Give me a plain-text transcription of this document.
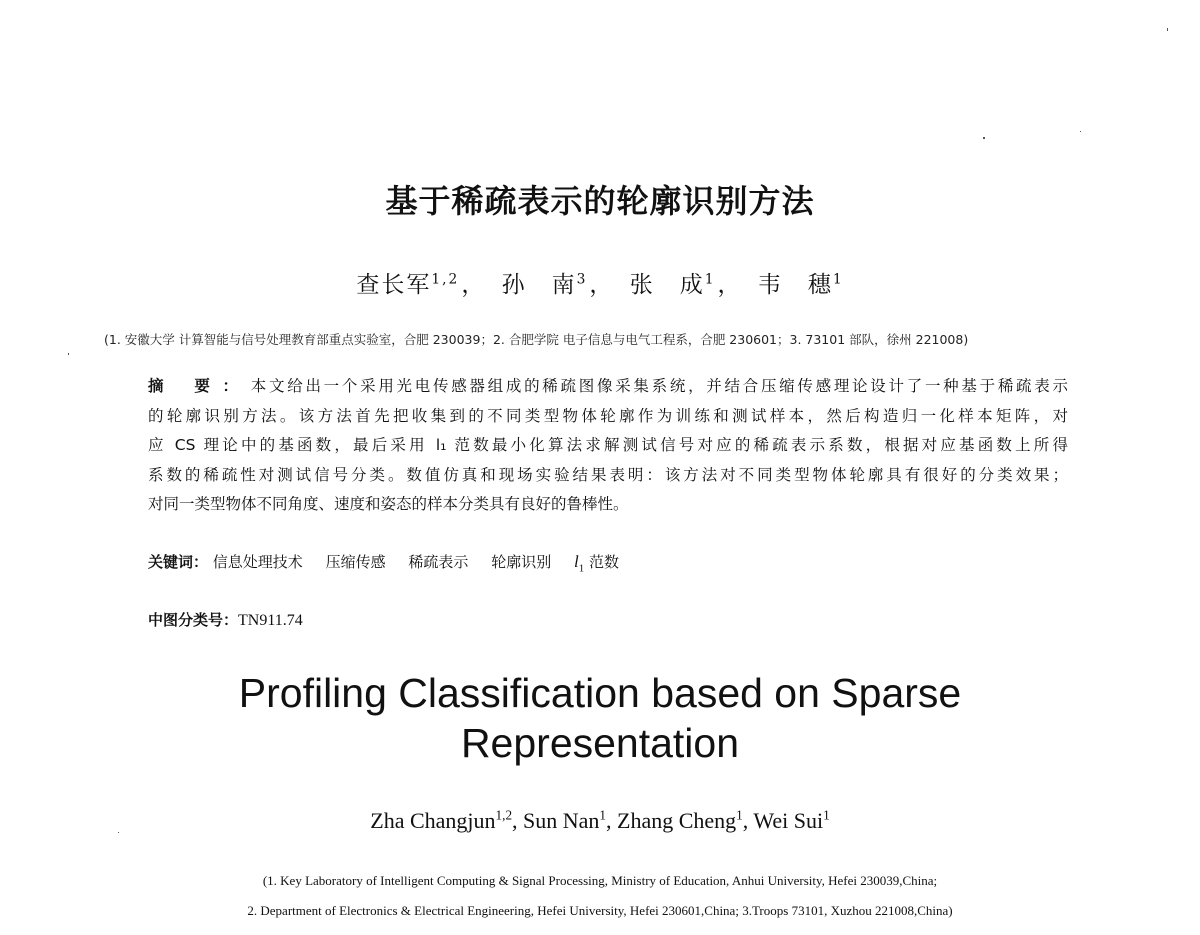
基于稀疏表示的轮廓识别方法
查长军$^{1,2}$， 孙　南$^3$， 张　成$^1$， 韦　穗$^1$
(1. 安徽大学 计算智能与信号处理教育部重点实验室，合肥 230039；2. 合肥学院 电子信息与电气工程系，合肥 230601；3. 73101 部队，徐州 221008)
摘 要：本文给出一个采用光电传感器组成的稀疏图像采集系统，并结合压缩传感理论设计了一种基于稀疏表示
的轮廓识别方法。该方法首先把收集到的不同类型物体轮廓作为训练和测试样本，然后构造归一化样本矩阵，对
应 CS 理论中的基函数，最后采用 l₁ 范数最小化算法求解测试信号对应的稀疏表示系数，根据对应基函数上所得
系数的稀疏性对测试信号分类。数值仿真和现场实验结果表明：该方法对不同类型物体轮廓具有很好的分类效果；
对同一类型物体不同角度、速度和姿态的样本分类具有良好的鲁棒性。
关键词： 信息处理技术 压缩传感 稀疏表示 轮廓识别 $l_1$ 范数
中图分类号：TN911.74
Profiling Classification based on Sparse
Representation
Zha Changjun$^{1,2}$, Sun Nan$^1$, Zhang Cheng$^1$, Wei Sui$^1$
(1. Key Laboratory of Intelligent Computing & Signal Processing, Ministry of Education, Anhui University, Hefei 230039,China;
2. Department of Electronics & Electrical Engineering, Hefei University, Hefei 230601,China; 3.Troops 73101, Xuzhou 221008,China)
